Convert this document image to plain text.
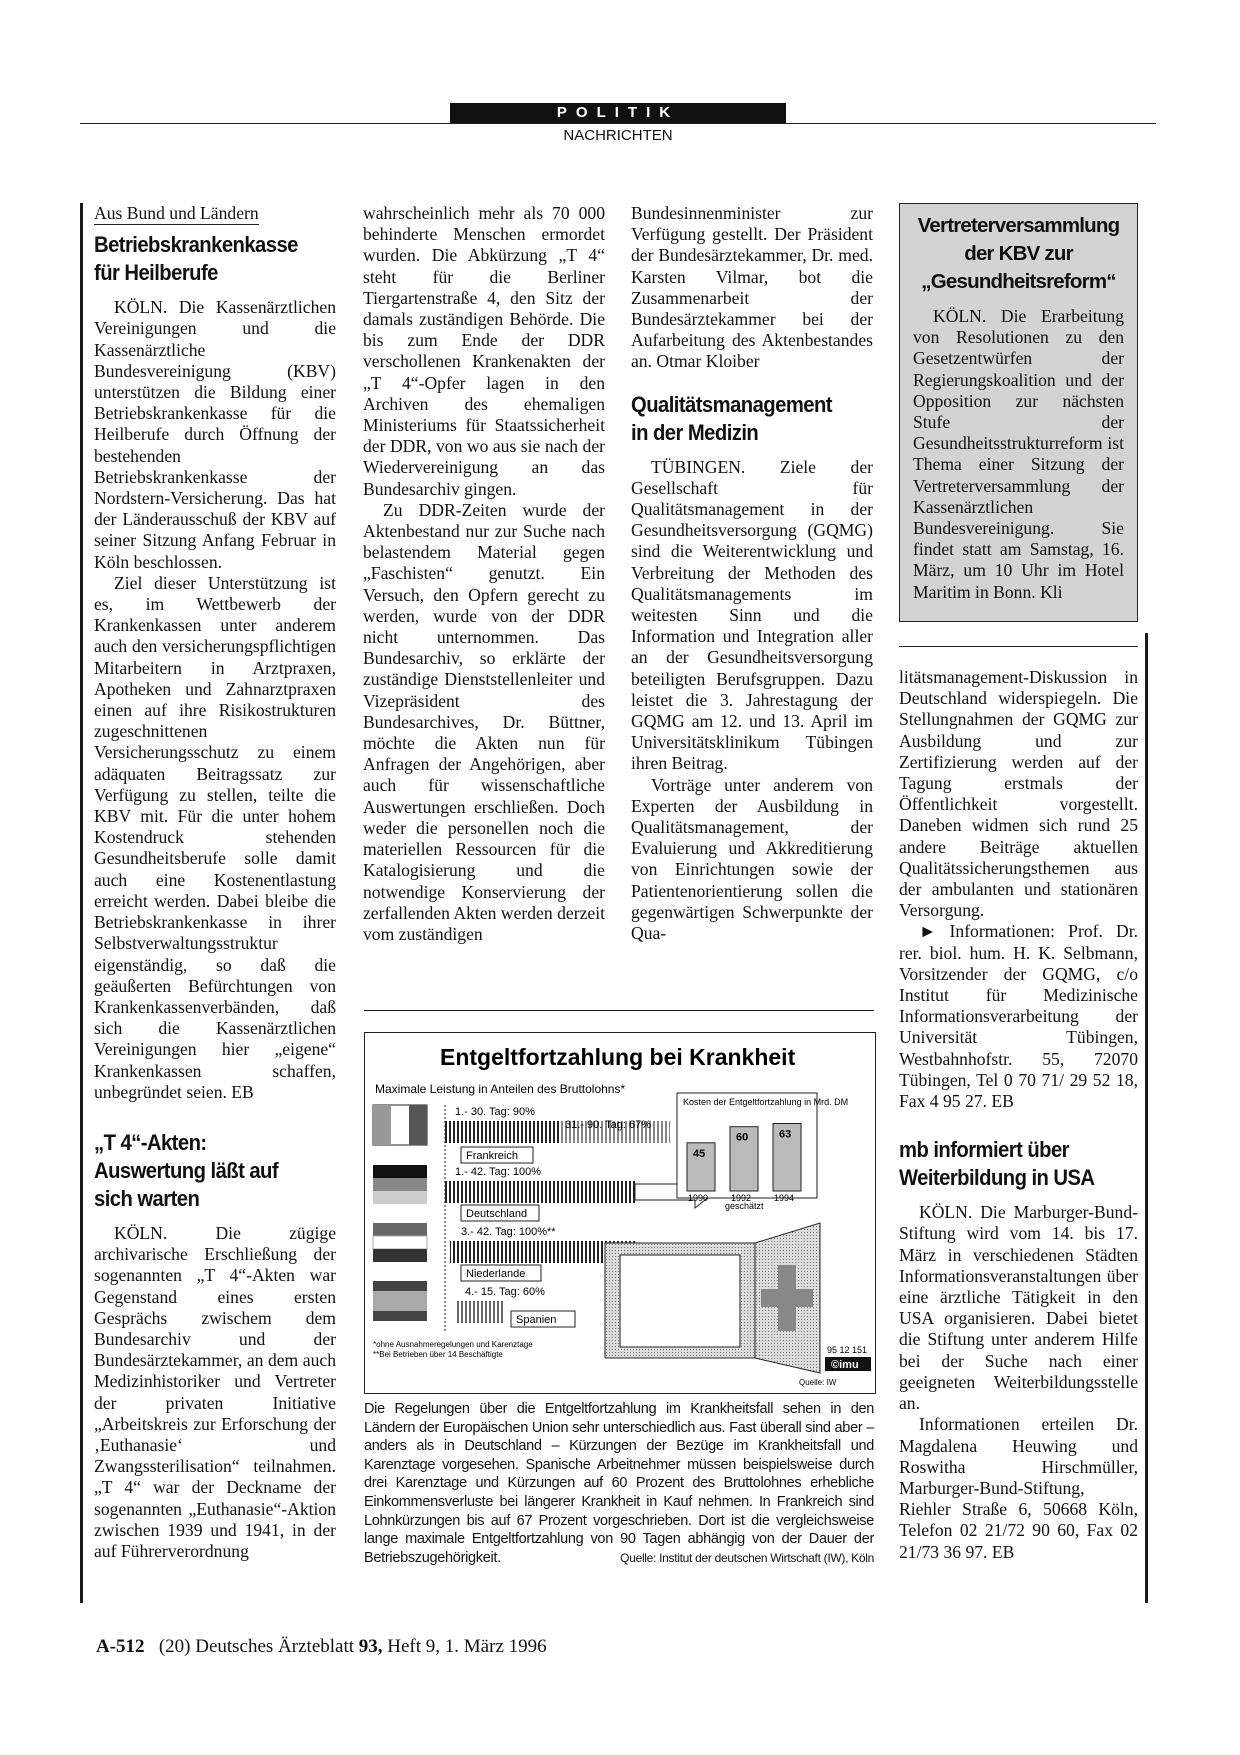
POLITIK
NACHRICHTEN
Aus Bund und Ländern
Betriebskrankenkasse für Heilberufe

KÖLN. Die Kassenärztlichen Vereinigungen und die Kassenärztliche Bundesvereinigung (KBV) unterstützen die Bildung einer Betriebskrankenkasse für die Heilberufe durch Öffnung der bestehenden Betriebskrankenkasse der Nordstern-Versicherung. Das hat der Länderausschuß der KBV auf seiner Sitzung Anfang Februar in Köln beschlossen.

Ziel dieser Unterstützung ist es, im Wettbewerb der Krankenkassen unter anderem auch den versicherungspflichtigen Mitarbeitern in Arztpraxen, Apotheken und Zahnarztpraxen einen auf ihre Risikostrukturen zugeschnittenen Versicherungsschutz zu einem adäquaten Beitragssatz zur Verfügung zu stellen, teilte die KBV mit. Für die unter hohem Kostendruck stehenden Gesundheitsberufe solle damit auch eine Kostenentlastung erreicht werden. Dabei bleibe die Betriebskrankenkasse in ihrer Selbstverwaltungsstruktur eigenständig, so daß die geäußerten Befürchtungen von Krankenkassenverbänden, daß sich die Kassenärztlichen Vereinigungen hier „eigene“ Krankenkassen schaffen, unbegründet seien. EB

„T 4“-Akten: Auswertung läßt auf sich warten

KÖLN. Die zügige archivarische Erschließung der sogenannten „T 4“-Akten war Gegenstand eines ersten Gesprächs zwischem dem Bundesarchiv und der Bundesärztekammer, an dem auch Medizinhistoriker und Vertreter der privaten Initiative „Arbeitskreis zur Erforschung der ‚Euthanasie‘ und Zwangssterilisation“ teilnahmen. „T 4“ war der Deckname der sogenannten „Euthanasie“-Aktion zwischen 1939 und 1941, in der auf Führerverordnung

wahrscheinlich mehr als 70 000 behinderte Menschen ermordet wurden. Die Abkürzung „T 4“ steht für die Berliner Tiergartenstraße 4, den Sitz der damals zuständigen Behörde. Die bis zum Ende der DDR verschollenen Krankenakten der „T 4“-Opfer lagen in den Archiven des ehemaligen Ministeriums für Staatssicherheit der DDR, von wo aus sie nach der Wiedervereinigung an das Bundesarchiv gingen.

Zu DDR-Zeiten wurde der Aktenbestand nur zur Suche nach belastendem Material gegen „Faschisten“ genutzt. Ein Versuch, den Opfern gerecht zu werden, wurde von der DDR nicht unternommen. Das Bundesarchiv, so erklärte der zuständige Dienststellenleiter und Vizepräsident des Bundesarchives, Dr. Büttner, möchte die Akten nun für Anfragen der Angehörigen, aber auch für wissenschaftliche Auswertungen erschließen. Doch weder die personellen noch die materiellen Ressourcen für die Katalogisierung und die notwendige Konservierung der zerfallenden Akten werden derzeit vom zuständigen

Bundesinnenminister zur Verfügung gestellt. Der Präsident der Bundesärztekammer, Dr. med. Karsten Vilmar, bot die Zusammenarbeit der Bundesärztekammer bei der Aufarbeitung des Aktenbestandes an. Otmar Kloiber

Qualitätsmanagement in der Medizin

TÜBINGEN. Ziele der Gesellschaft für Qualitätsmanagement in der Gesundheitsversorgung (GQMG) sind die Weiterentwicklung und Verbreitung der Methoden des Qualitätsmanagements im weitesten Sinn und die Information und Integration aller an der Gesundheitsversorgung beteiligten Berufsgruppen. Dazu leistet die 3. Jahrestagung der GQMG am 12. und 13. April im Universitätsklinikum Tübingen ihren Beitrag.

Vorträge unter anderem von Experten der Ausbildung in Qualitätsmanagement, der Evaluierung und Akkreditierung von Einrichtungen sowie der Patientenorientierung sollen die gegenwärtigen Schwerpunkte der Qua-

Vertreterversammlung der KBV zur „Gesundheitsreform“

KÖLN. Die Erarbeitung von Resolutionen zu den Gesetzentwürfen der Regierungskoalition und der Opposition zur nächsten Stufe der Gesundheitsstrukturreform ist Thema einer Sitzung der Vertreterversammlung der Kassenärztlichen Bundesvereinigung. Sie findet statt am Samstag, 16. März, um 10 Uhr im Hotel Maritim in Bonn. Kli

litätsmanagement-Diskussion in Deutschland widerspiegeln. Die Stellungnahmen der GQMG zur Ausbildung und zur Zertifizierung werden auf der Tagung erstmals der Öffentlichkeit vorgestellt. Daneben widmen sich rund 25 andere Beiträge aktuellen Qualitätssicherungsthemen aus der ambulanten und stationären Versorgung.

► Informationen: Prof. Dr. rer. biol. hum. H. K. Selbmann, Vorsitzender der GQMG, c/o Institut für Medizinische Informationsverarbeitung der Universität Tübingen, Westbahnhofstr. 55, 72070 Tübingen, Tel 0 70 71/ 29 52 18, Fax 4 95 27. EB

mb informiert über Weiterbildung in USA

KÖLN. Die Marburger-Bund-Stiftung wird vom 14. bis 17. März in verschiedenen Städten Informationsveranstaltungen über eine ärztliche Tätigkeit in den USA organisieren. Dabei bietet die Stiftung unter anderem Hilfe bei der Suche nach einer geeigneten Weiterbildungsstelle an.

Informationen erteilen Dr. Magdalena Heuwing und Roswitha Hirschmüller, Marburger-Bund-Stiftung, Riehler Straße 6, 50668 Köln, Telefon 02 21/72 90 60, Fax 02 21/73 36 97. EB

Entgeltfortzahlung bei Krankheit
Maximale Leistung in Anteilen des Bruttolohns*
1.- 30. Tag: 90%
31.- 90. Tag: 67%
Frankreich
1.- 42. Tag: 100%
Deutschland
3.- 42. Tag: 100%**
Niederlande
4.- 15. Tag: 60%
Spanien
Kosten der Entgeltfortzahlung in Mrd. DM
45
1990
60
1992
63
1994
geschätzt
*ohne Ausnahmeregelungen und Karenztage
**Bei Betrieben über 14 Beschäftigte	95 12 151
©imu
Quelle: IW
Die Regelungen über die Entgeltfortzahlung im Krankheitsfall sehen in den Ländern der Europäischen Union sehr unterschiedlich aus. Fast überall sind aber – anders als in Deutschland – Kürzungen der Bezüge im Krankheitsfall und Karenztage vorgesehen. Spanische Arbeitnehmer müssen beispielsweise durch drei Karenztage und Kürzungen auf 60 Prozent des Bruttolohnes erhebliche Einkommensverluste bei längerer Krankheit in Kauf nehmen. In Frankreich sind Lohnkürzungen bis auf 67 Prozent vorgeschrieben. Dort ist die vergleichsweise lange maximale Entgeltfortzahlung von 90 Tagen abhängig von der Dauer der Betriebszugehörigkeit.	Quelle: Institut der deutschen Wirtschaft (IW), Köln
A-512 (20) Deutsches Ärzteblatt 93, Heft 9, 1. März 1996
